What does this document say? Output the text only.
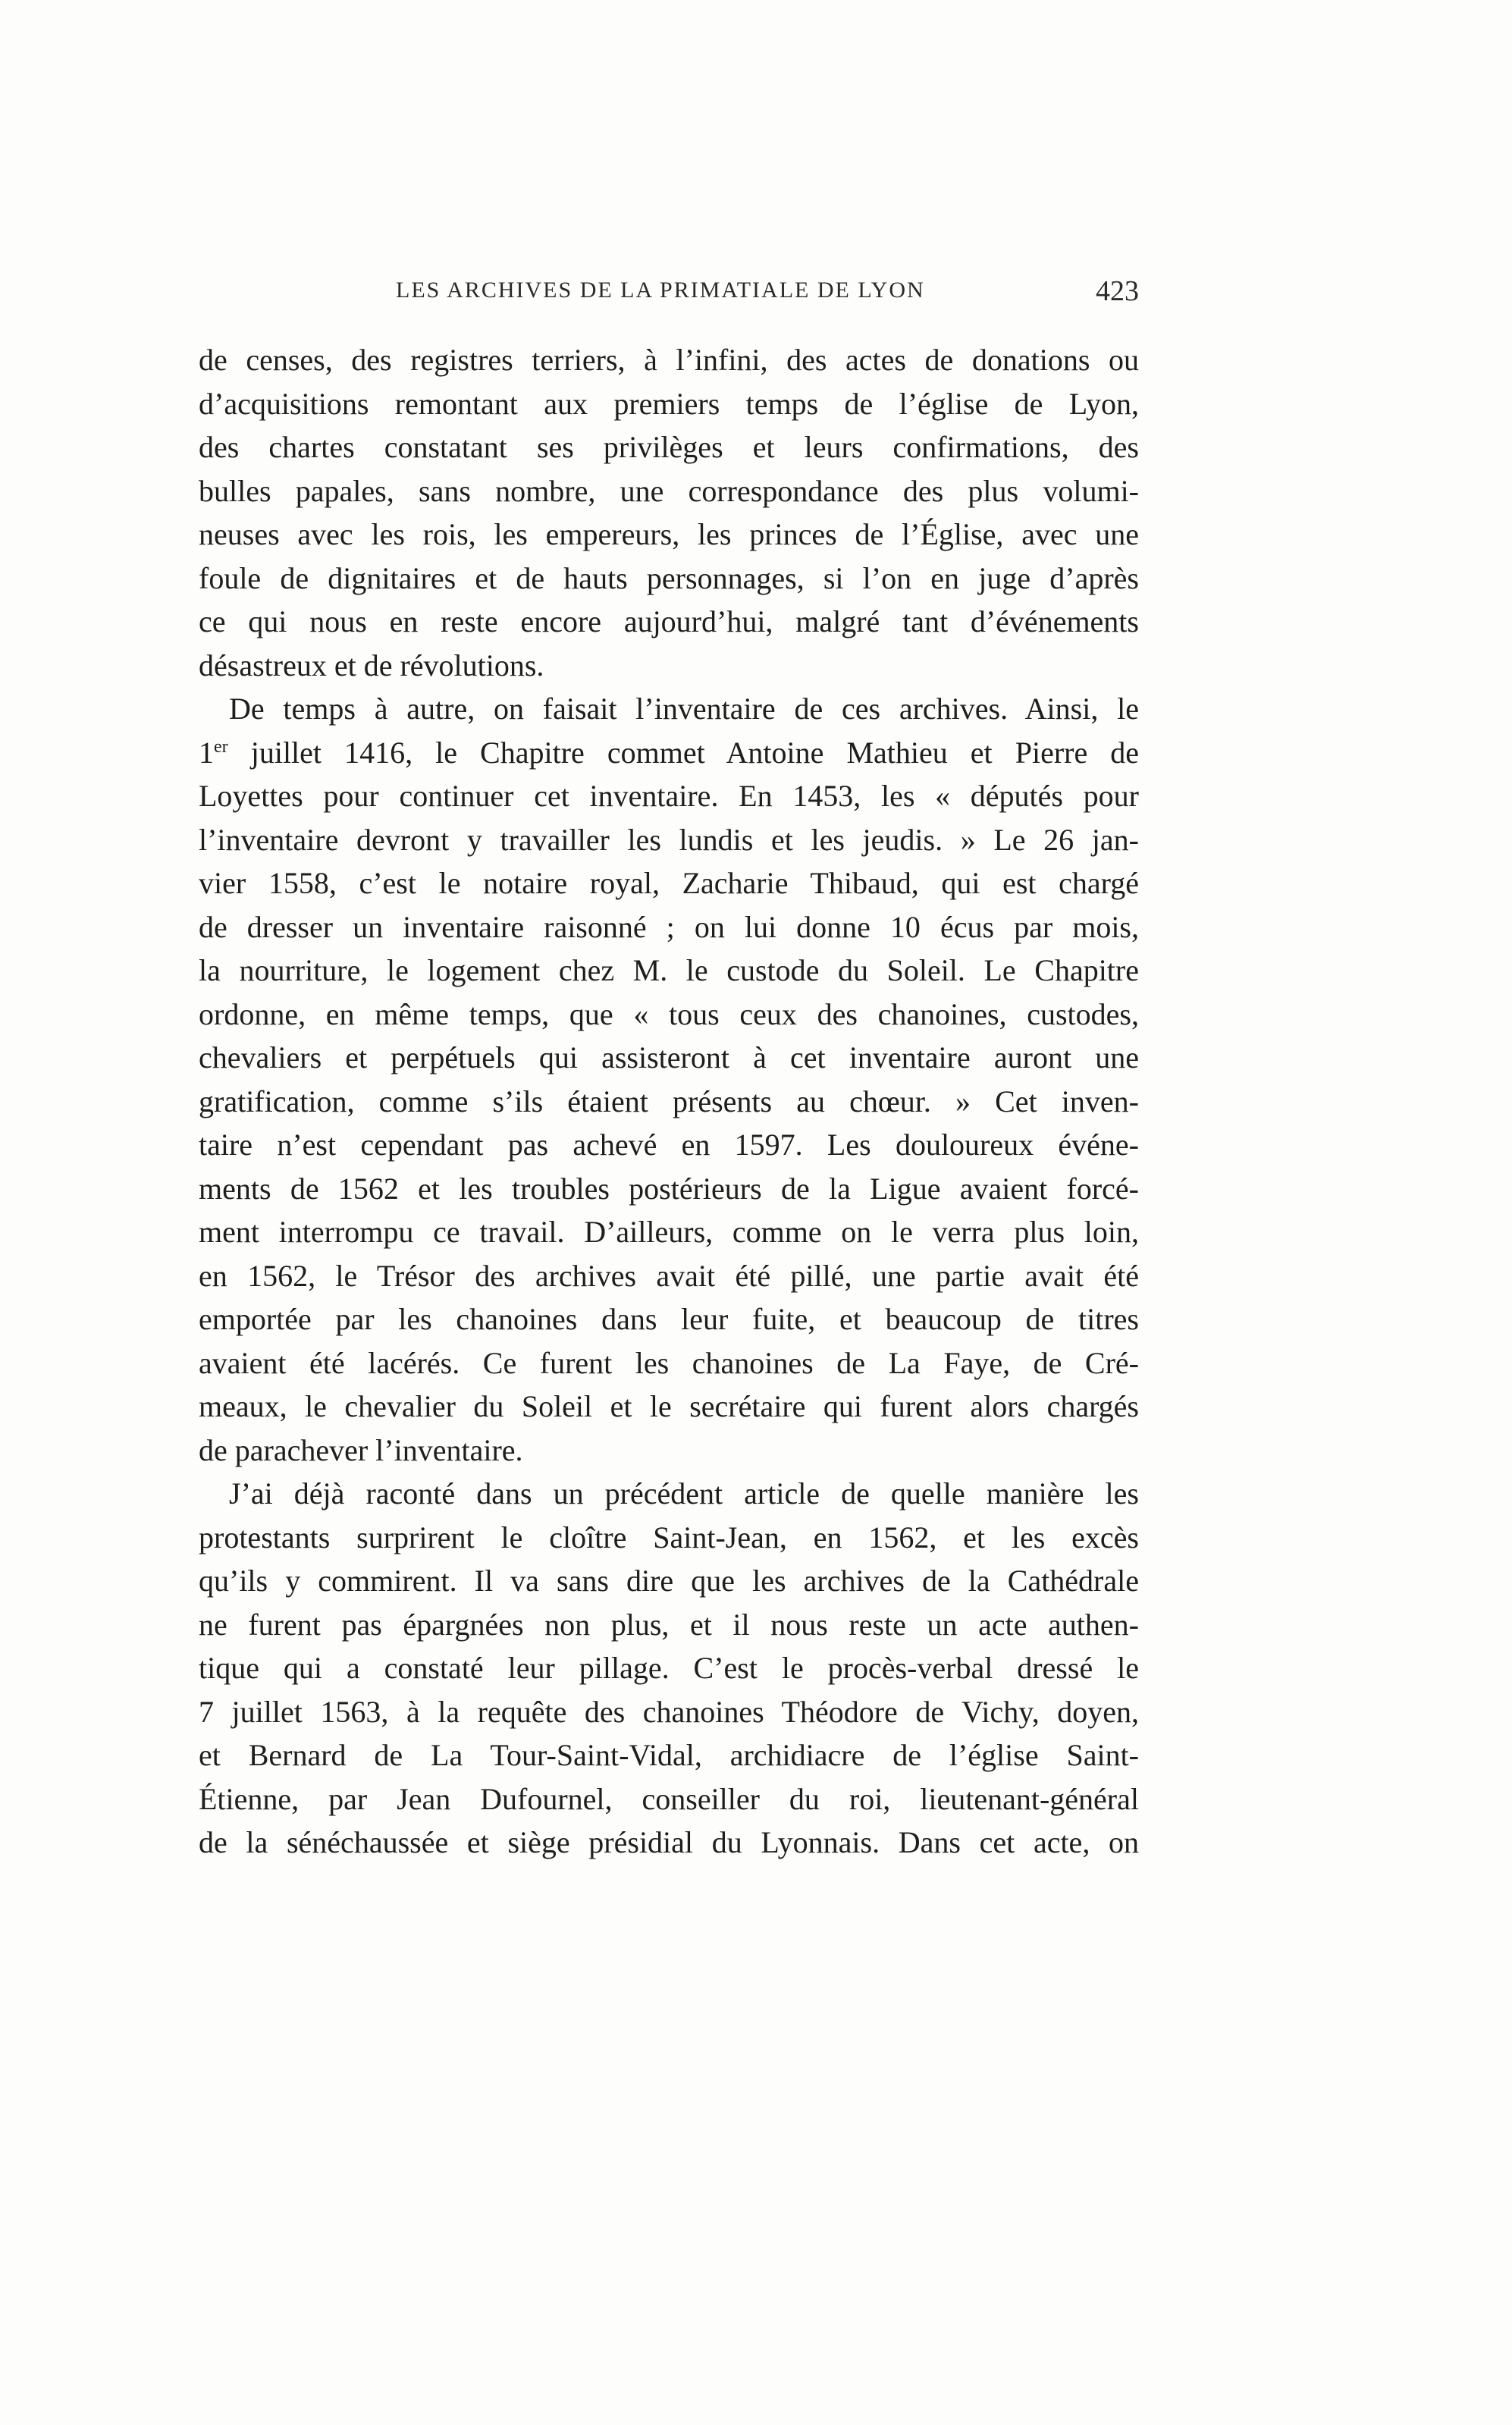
LES ARCHIVES DE LA PRIMATIALE DE LYON	423

de censes, des registres terriers, à l’infini, des actes de donations ou
d’acquisitions remontant aux premiers temps de l’église de Lyon,
des chartes constatant ses privilèges et leurs confirmations, des
bulles papales, sans nombre, une correspondance des plus volumi-
neuses avec les rois, les empereurs, les princes de l’Église, avec une
foule de dignitaires et de hauts personnages, si l’on en juge d’après
ce qui nous en reste encore aujourd’hui, malgré tant d’événements
désastreux et de révolutions.

De temps à autre, on faisait l’inventaire de ces archives. Ainsi, le
1er juillet 1416, le Chapitre commet Antoine Mathieu et Pierre de
Loyettes pour continuer cet inventaire. En 1453, les « députés pour
l’inventaire devront y travailler les lundis et les jeudis. » Le 26 jan-
vier 1558, c’est le notaire royal, Zacharie Thibaud, qui est chargé
de dresser un inventaire raisonné ; on lui donne 10 écus par mois,
la nourriture, le logement chez M. le custode du Soleil. Le Chapitre
ordonne, en même temps, que « tous ceux des chanoines, custodes,
chevaliers et perpétuels qui assisteront à cet inventaire auront une
gratification, comme s’ils étaient présents au chœur. » Cet inven-
taire n’est cependant pas achevé en 1597. Les douloureux événe-
ments de 1562 et les troubles postérieurs de la Ligue avaient forcé-
ment interrompu ce travail. D’ailleurs, comme on le verra plus loin,
en 1562, le Trésor des archives avait été pillé, une partie avait été
emportée par les chanoines dans leur fuite, et beaucoup de titres
avaient été lacérés. Ce furent les chanoines de La Faye, de Cré-
meaux, le chevalier du Soleil et le secrétaire qui furent alors chargés
de parachever l’inventaire.

J’ai déjà raconté dans un précédent article de quelle manière les
protestants surprirent le cloître Saint-Jean, en 1562, et les excès
qu’ils y commirent. Il va sans dire que les archives de la Cathédrale
ne furent pas épargnées non plus, et il nous reste un acte authen-
tique qui a constaté leur pillage. C’est le procès-verbal dressé le
7 juillet 1563, à la requête des chanoines Théodore de Vichy, doyen,
et Bernard de La Tour-Saint-Vidal, archidiacre de l’église Saint-
Étienne, par Jean Dufournel, conseiller du roi, lieutenant-général
de la sénéchaussée et siège présidial du Lyonnais. Dans cet acte, on
